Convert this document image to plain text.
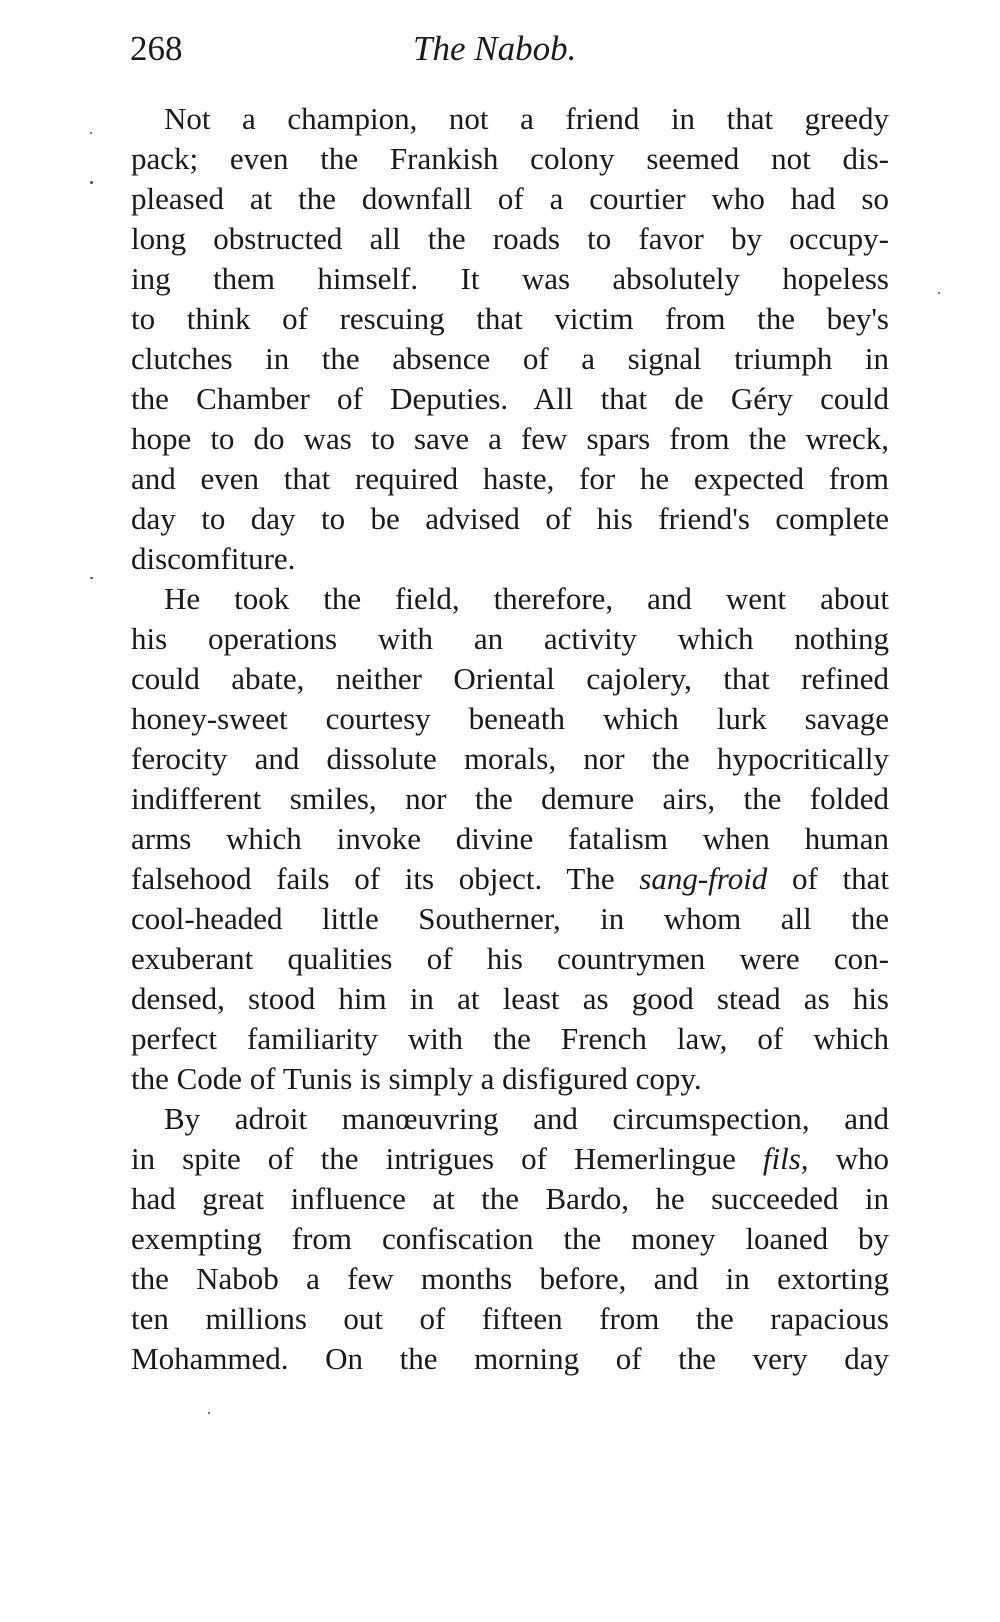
268	The Nabob.
Not a champion, not a friend in that greedy
pack; even the Frankish colony seemed not dis-
pleased at the downfall of a courtier who had so
long obstructed all the roads to favor by occupy-
ing them himself. It was absolutely hopeless
to think of rescuing that victim from the bey's
clutches in the absence of a signal triumph in
the Chamber of Deputies. All that de Géry could
hope to do was to save a few spars from the wreck,
and even that required haste, for he expected from
day to day to be advised of his friend's complete
discomfiture.
He took the field, therefore, and went about
his operations with an activity which nothing
could abate, neither Oriental cajolery, that refined
honey-sweet courtesy beneath which lurk savage
ferocity and dissolute morals, nor the hypocritically
indifferent smiles, nor the demure airs, the folded
arms which invoke divine fatalism when human
falsehood fails of its object. The sang-froid of that
cool-headed little Southerner, in whom all the
exuberant qualities of his countrymen were con-
densed, stood him in at least as good stead as his
perfect familiarity with the French law, of which
the Code of Tunis is simply a disfigured copy.
By adroit manœuvring and circumspection, and
in spite of the intrigues of Hemerlingue fils, who
had great influence at the Bardo, he succeeded in
exempting from confiscation the money loaned by
the Nabob a few months before, and in extorting
ten millions out of fifteen from the rapacious
Mohammed. On the morning of the very day
